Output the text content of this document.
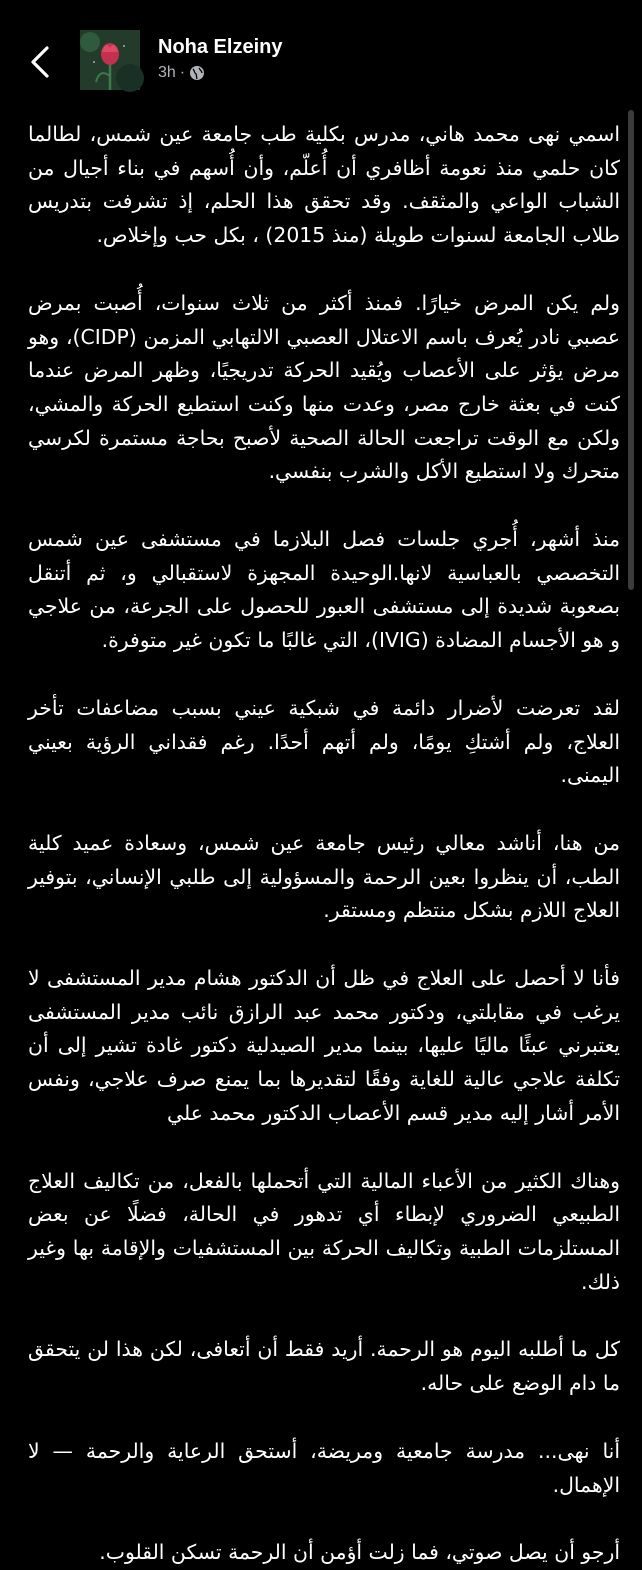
Noha Elzeiny
3h ·

اسمي نهى محمد هاني، مدرس بكلية طب جامعة عين شمس، لطالما كان حلمي منذ نعومة أظافري أن أُعلّم، وأن أُسهم في بناء أجيال من الشباب الواعي والمثقف. وقد تحقق هذا الحلم، إذ تشرفت بتدريس طلاب الجامعة لسنوات طويلة (منذ 2015) ، بكل حب وإخلاص.

ولم يكن المرض خيارًا. فمنذ أكثر من ثلاث سنوات، أُصبت بمرض عصبي نادر يُعرف باسم الاعتلال العصبي الالتهابي المزمن (CIDP)، وهو مرض يؤثر على الأعصاب ويُقيد الحركة تدريجيًا، وظهر المرض عندما كنت في بعثة خارج مصر، وعدت منها وكنت استطيع الحركة والمشي، ولكن مع الوقت تراجعت الحالة الصحية لأصبح بحاجة مستمرة لكرسي متحرك ولا استطيع الأكل والشرب بنفسي.

منذ أشهر، أُجري جلسات فصل البلازما في مستشفى عين شمس التخصصي بالعباسية لانها.الوحيدة المجهزة لاستقبالي و، ثم أتنقل بصعوبة شديدة إلى مستشفى العبور للحصول على الجرعة، من علاجي و هو الأجسام المضادة (IVIG)، التي غالبًا ما تكون غير متوفرة.

لقد تعرضت لأضرار دائمة في شبكية عيني بسبب مضاعفات تأخر العلاج، ولم أشتكِ يومًا، ولم أتهم أحدًا. رغم فقداني الرؤية بعيني اليمنى.

من هنا، أناشد معالي رئيس جامعة عين شمس، وسعادة عميد كلية الطب، أن ينظروا بعين الرحمة والمسؤولية إلى طلبي الإنساني، بتوفير العلاج اللازم بشكل منتظم ومستقر.

فأنا لا أحصل على العلاج في ظل أن الدكتور هشام مدير المستشفى لا يرغب في مقابلتي، ودكتور محمد عبد الرازق نائب مدير المستشفى يعتبرني عبئًا ماليًا عليها، بينما مدير الصيدلية دكتور غادة تشير إلى أن تكلفة علاجي عالية للغاية وفقًا لتقديرها بما يمنع صرف علاجي، ونفس الأمر أشار إليه مدير قسم الأعصاب الدكتور محمد علي

وهناك الكثير من الأعباء المالية التي أتحملها بالفعل، من تكاليف العلاج الطبيعي الضروري لإبطاء أي تدهور في الحالة، فضلًا عن بعض المستلزمات الطبية وتكاليف الحركة بين المستشفيات والإقامة بها وغير ذلك.

كل ما أطلبه اليوم هو الرحمة. أريد فقط أن أتعافى، لكن هذا لن يتحقق ما دام الوضع على حاله.

أنا نهى... مدرسة جامعية ومريضة، أستحق الرعاية والرحمة — لا الإهمال.

أرجو أن يصل صوتي، فما زلت أؤمن أن الرحمة تسكن القلوب.
